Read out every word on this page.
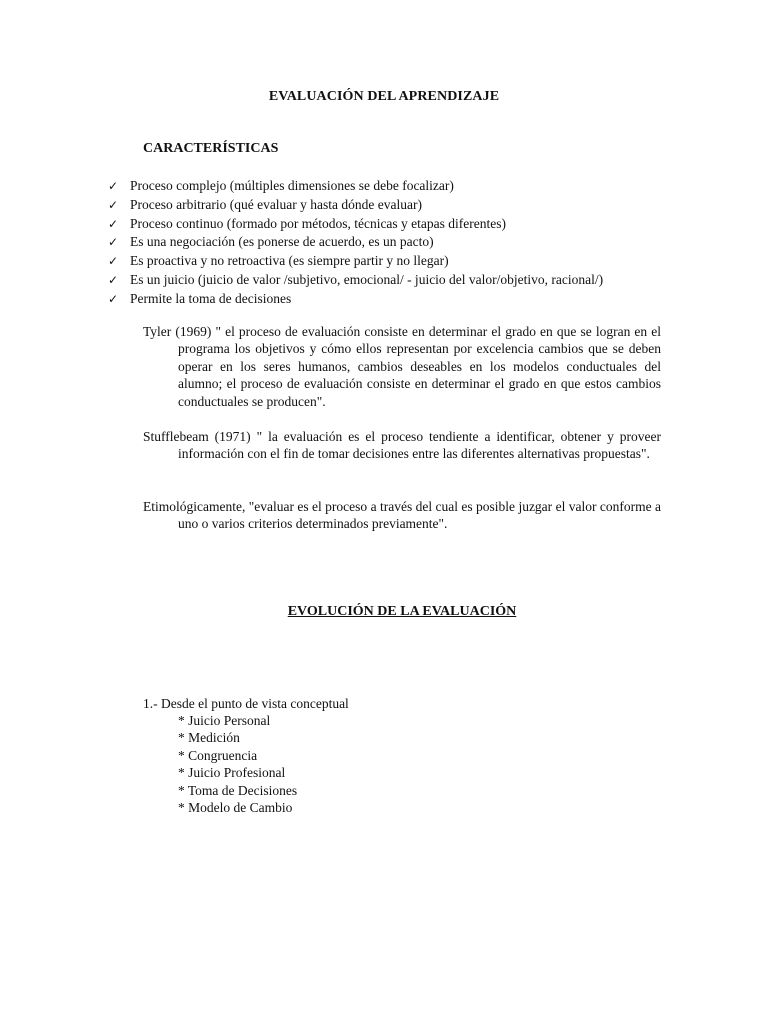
EVALUACIÓN DEL APRENDIZAJE
CARACTERÍSTICAS
✓ Proceso complejo (múltiples dimensiones se debe focalizar)
✓ Proceso arbitrario (qué evaluar y hasta dónde evaluar)
✓ Proceso continuo (formado por métodos, técnicas y etapas diferentes)
✓ Es una negociación (es ponerse de acuerdo, es un pacto)
✓ Es proactiva y no retroactiva (es siempre partir y no llegar)
✓ Es un juicio (juicio de valor /subjetivo, emocional/ - juicio del valor/objetivo, racional/)
✓ Permite la toma de decisiones

Tyler (1969) " el proceso de evaluación consiste en determinar el grado en que se logran en el programa los objetivos y cómo ellos representan por excelencia cambios que se deben operar en los seres humanos, cambios deseables en los modelos conductuales del alumno; el proceso de evaluación consiste en determinar el grado en que estos cambios conductuales se producen".

Stufflebeam (1971) " la evaluación es el proceso tendiente a identificar, obtener y proveer información con el fin de tomar decisiones entre las diferentes alternativas propuestas".

Etimológicamente, "evaluar es el proceso a través del cual es posible juzgar el valor conforme a uno o varios criterios determinados previamente".

EVOLUCIÓN DE LA EVALUACIÓN
1.- Desde el punto de vista conceptual
* Juicio Personal
* Medición
* Congruencia
* Juicio Profesional
* Toma de Decisiones
* Modelo de Cambio
